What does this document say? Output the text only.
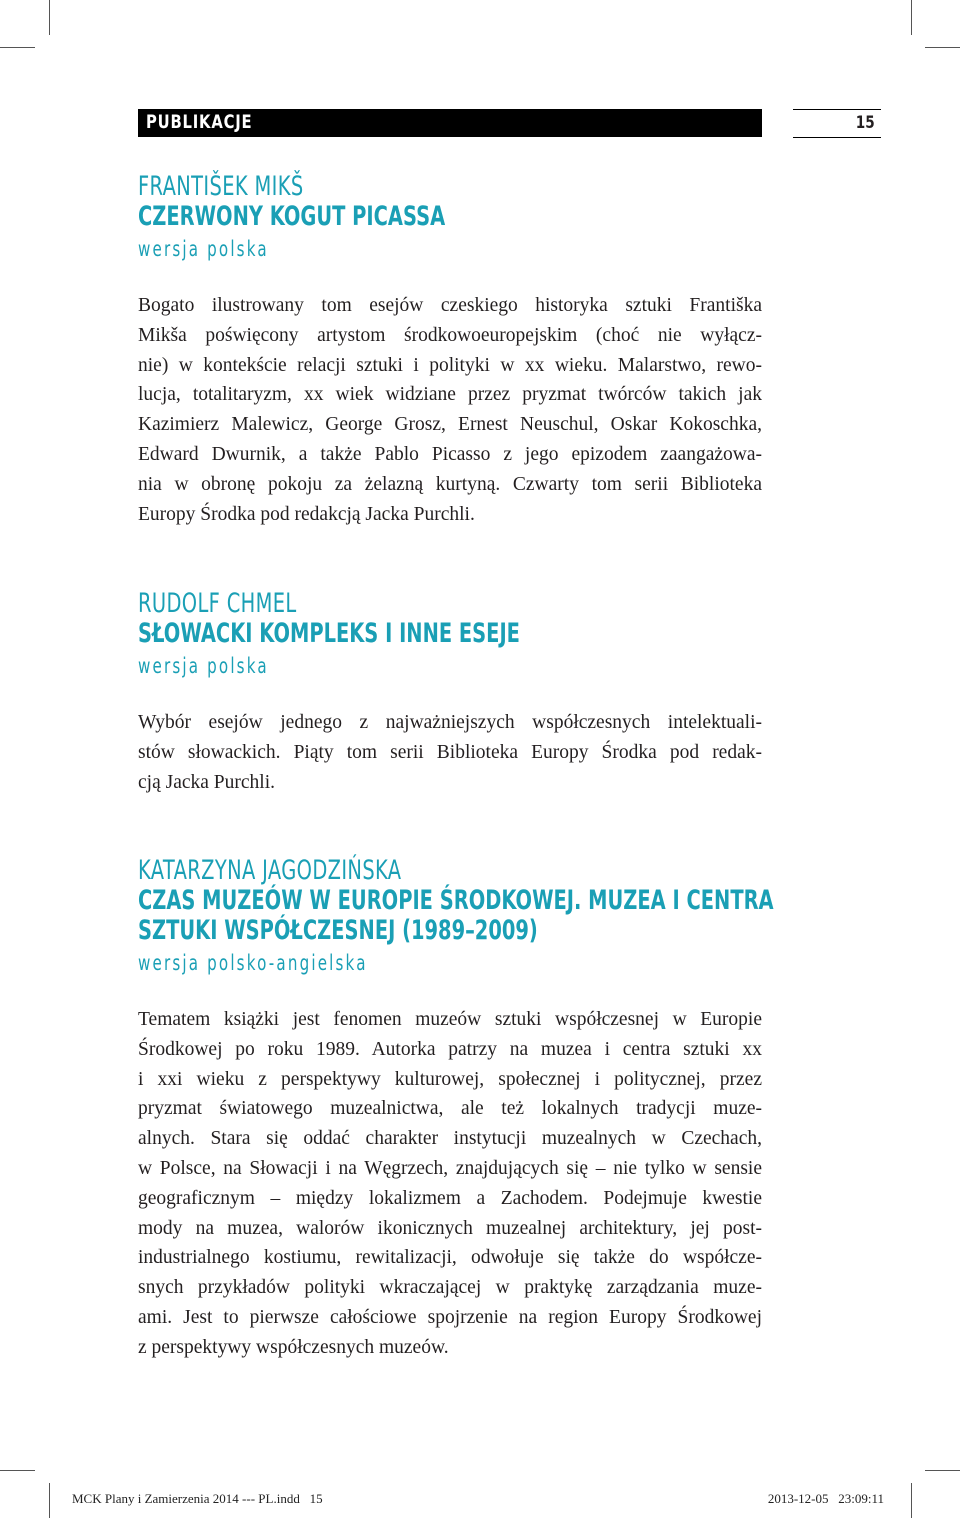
PUBLIKACJE	15
FRANTIŠEK MIKŠ
CZERWONY KOGUT PICASSA
wersja polska
Bogato ilustrowany tom esejów czeskiego historyka sztuki Františka
Mikša poświęcony artystom środkowoeuropejskim (choć nie wyłącz-
nie) w kontekście relacji sztuki i polityki w xx wieku. Malarstwo, rewo-
lucja, totalitaryzm, xx wiek widziane przez pryzmat twórców takich jak
Kazimierz Malewicz, George Grosz, Ernest Neuschul, Oskar Kokoschka,
Edward Dwurnik, a także Pablo Picasso z jego epizodem zaangażowa-
nia w obronę pokoju za żelazną kurtyną. Czwarty tom serii Biblioteka
Europy Środka pod redakcją Jacka Purchli.
RUDOLF CHMEL
SŁOWACKI KOMPLEKS I INNE ESEJE
wersja polska
Wybór esejów jednego z najważniejszych współczesnych intelektuali-
stów słowackich. Piąty tom serii Biblioteka Europy Środka pod redak-
cją Jacka Purchli.
KATARZYNA JAGODZIŃSKA
CZAS MUZEÓW W EUROPIE ŚRODKOWEJ. MUZEA I CENTRA
SZTUKI WSPÓŁCZESNEJ (1989–2009)
wersja polsko-angielska
Tematem książki jest fenomen muzeów sztuki współczesnej w Europie
Środkowej po roku 1989. Autorka patrzy na muzea i centra sztuki xx
i xxi wieku z perspektywy kulturowej, społecznej i politycznej, przez
pryzmat światowego muzealnictwa, ale też lokalnych tradycji muze-
alnych. Stara się oddać charakter instytucji muzealnych w Czechach,
w Polsce, na Słowacji i na Węgrzech, znajdujących się – nie tylko w sensie
geograficznym – między lokalizmem a Zachodem. Podejmuje kwestie
mody na muzea, walorów ikonicznych muzealnej architektury, jej post-
industrialnego kostiumu, rewitalizacji, odwołuje się także do współcze-
snych przykładów polityki wkraczającej w praktykę zarządzania muze-
ami. Jest to pierwsze całościowe spojrzenie na region Europy Środkowej
z perspektywy współczesnych muzeów.
MCK Plany i Zamierzenia 2014 --- PL.indd   15	2013-12-05   23:09:11
